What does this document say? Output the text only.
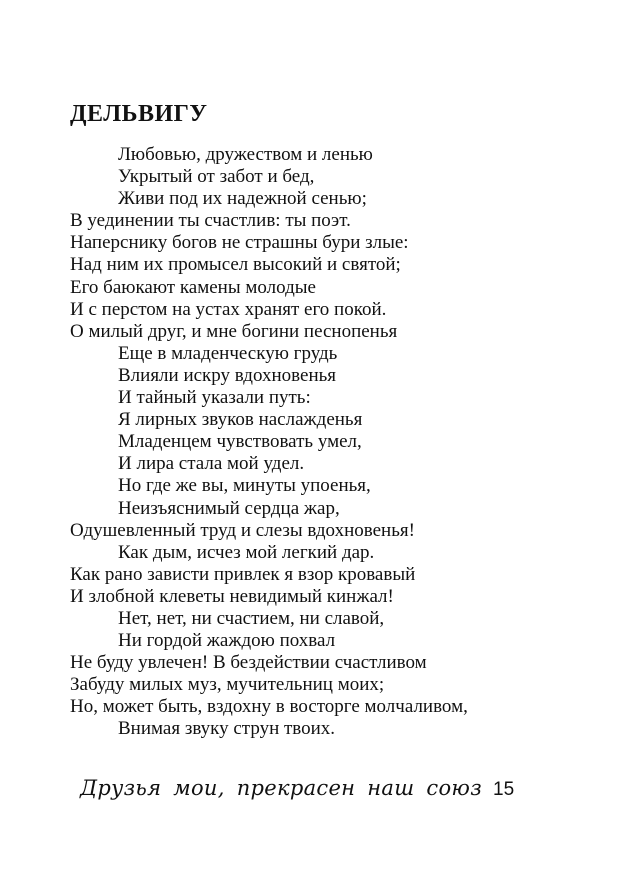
ДЕЛЬВИГУ
Любовью, дружеством и ленью
Укрытый от забот и бед,
Живи под их надежной сенью;
В уединении ты счастлив: ты поэт.
Наперснику богов не страшны бури злые:
Над ним их промысел высокий и святой;
Его баюкают камены молодые
И с перстом на устах хранят его покой.
О милый друг, и мне богини песнопенья
Еще в младенческую грудь
Влияли искру вдохновенья
И тайный указали путь:
Я лирных звуков наслажденья
Младенцем чувствовать умел,
И лира стала мой удел.
Но где же вы, минуты упоенья,
Неизъяснимый сердца жар,
Одушевленный труд и слезы вдохновенья!
Как дым, исчез мой легкий дар.
Как рано зависти привлек я взор кровавый
И злобной клеветы невидимый кинжал!
Нет, нет, ни счастием, ни славой,
Ни гордой жаждою похвал
Не буду увлечен! В бездействии счастливом
Забуду милых муз, мучительниц моих;
Но, может быть, вздохну в восторге молчаливом,
Внимая звуку струн твоих.
Друзья мои, прекрасен наш союз 15
